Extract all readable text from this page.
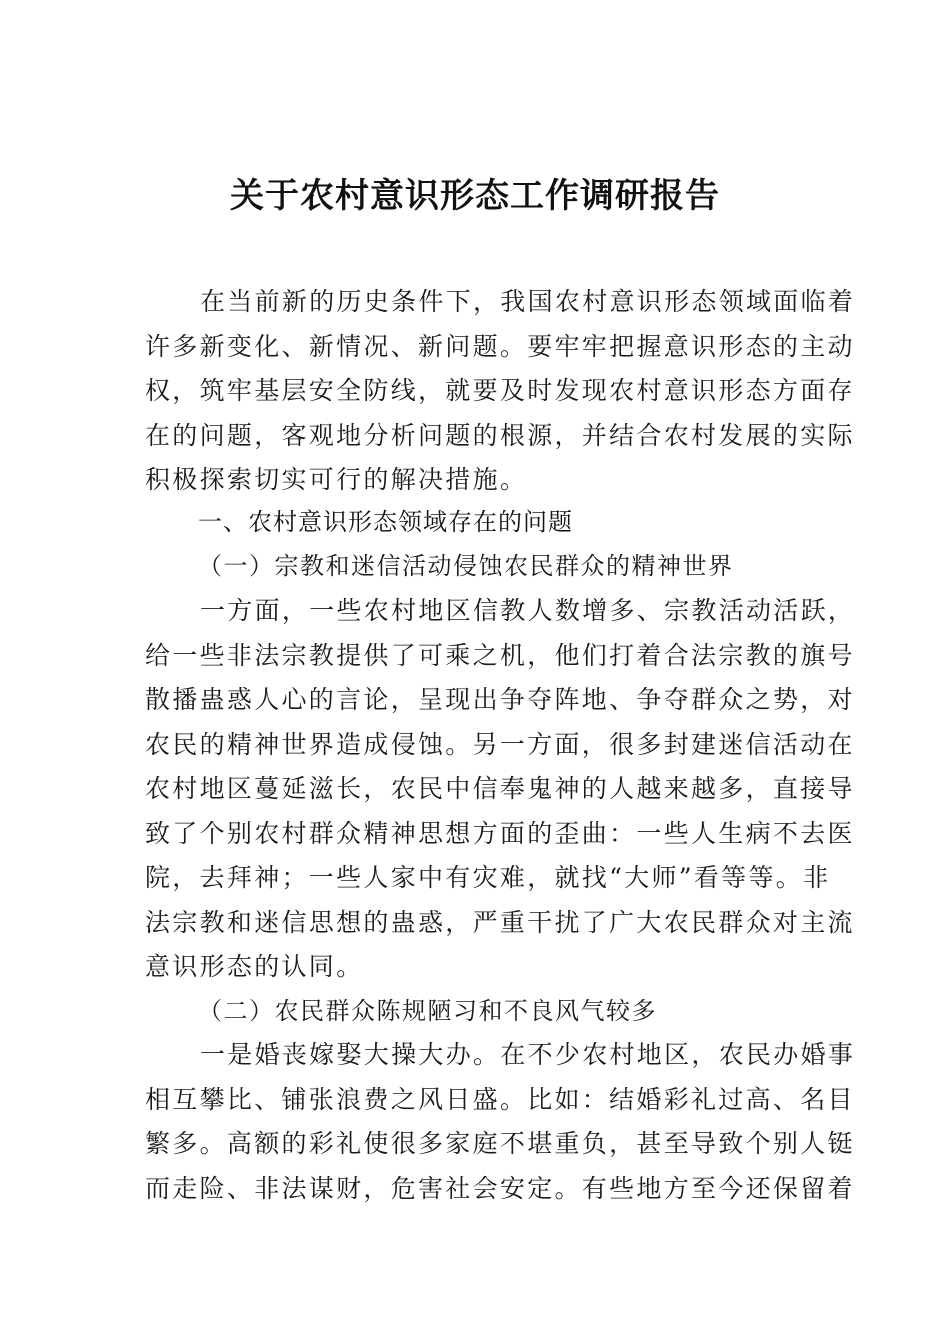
关于农村意识形态工作调研报告
在当前新的历史条件下，我国农村意识形态领域面临着
许多新变化、新情况、新问题。要牢牢把握意识形态的主动
权，筑牢基层安全防线，就要及时发现农村意识形态方面存
在的问题，客观地分析问题的根源，并结合农村发展的实际
积极探索切实可行的解决措施。
一、农村意识形态领域存在的问题
（一）宗教和迷信活动侵蚀农民群众的精神世界
一方面，一些农村地区信教人数增多、宗教活动活跃，
给一些非法宗教提供了可乘之机，他们打着合法宗教的旗号
散播蛊惑人心的言论，呈现出争夺阵地、争夺群众之势，对
农民的精神世界造成侵蚀。另一方面，很多封建迷信活动在
农村地区蔓延滋长，农民中信奉鬼神的人越来越多，直接导
致了个别农村群众精神思想方面的歪曲：一些人生病不去医
院，去拜神；一些人家中有灾难，就找“大师”看等等。非
法宗教和迷信思想的蛊惑，严重干扰了广大农民群众对主流
意识形态的认同。
（二）农民群众陈规陋习和不良风气较多
一是婚丧嫁娶大操大办。在不少农村地区，农民办婚事
相互攀比、铺张浪费之风日盛。比如：结婚彩礼过高、名目
繁多。高额的彩礼使很多家庭不堪重负，甚至导致个别人铤
而走险、非法谋财，危害社会安定。有些地方至今还保留着
